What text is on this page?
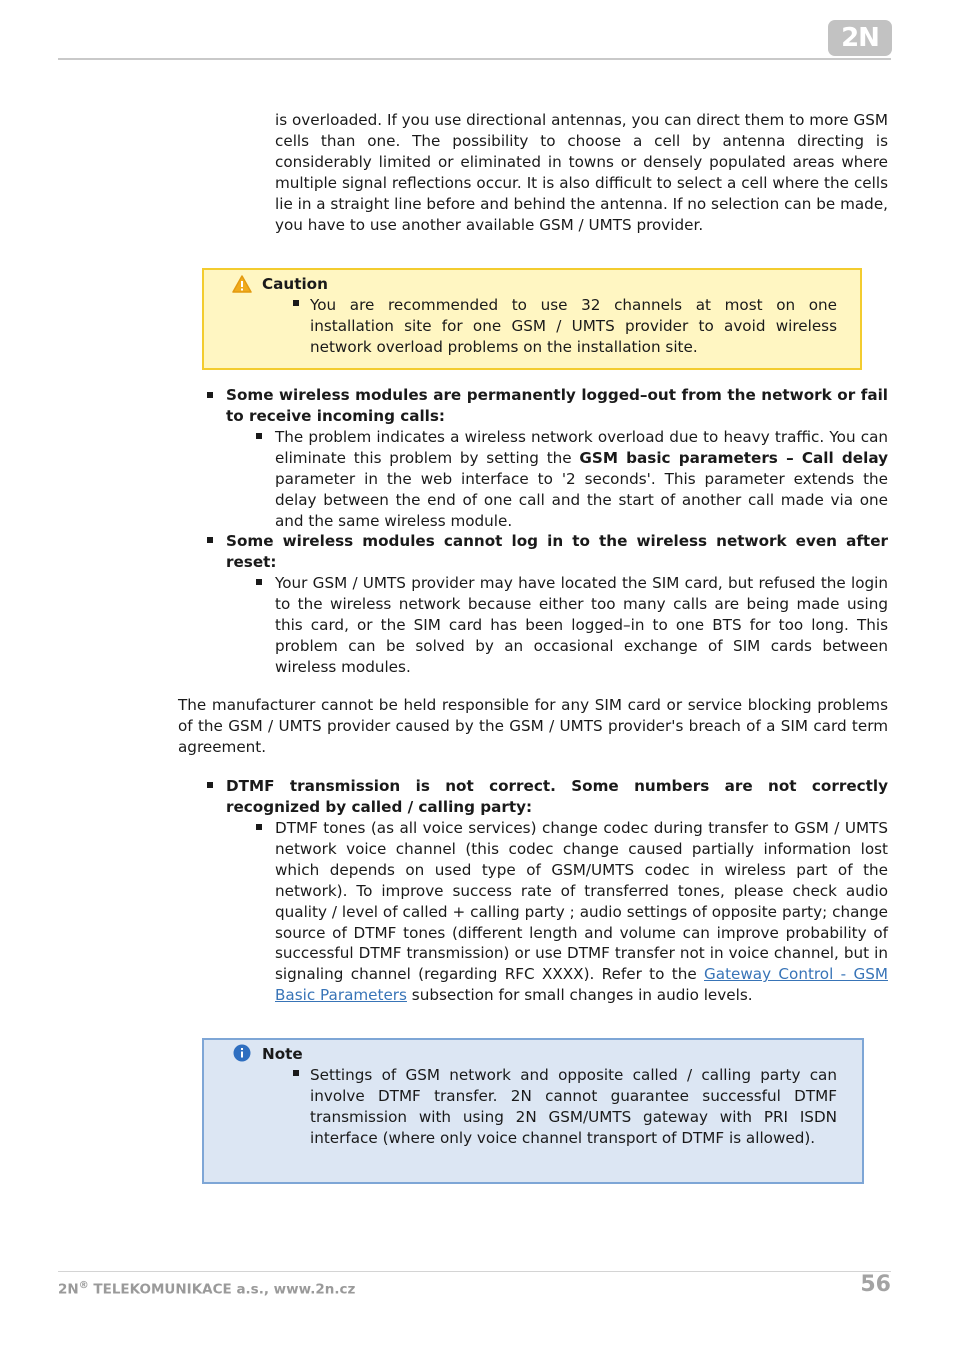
2N

is overloaded. If you use directional antennas, you can direct them to more GSM cells than one. The possibility to choose a cell by antenna directing is considerably limited or eliminated in towns or densely populated areas where multiple signal reflections occur. It is also difficult to select a cell where the cells lie in a straight line before and behind the antenna. If no selection can be made, you have to use another available GSM / UMTS provider.

Caution

You are recommended to use 32 channels at most on one installation site for one GSM / UMTS provider to avoid wireless network overload problems on the installation site.

Some wireless modules are permanently logged–out from the network or fail to receive incoming calls:

The problem indicates a wireless network overload due to heavy traffic. You can eliminate this problem by setting the GSM basic parameters – Call delay parameter in the web interface to '2 seconds'. This parameter extends the delay between the end of one call and the start of another call made via one and the same wireless module.

Some wireless modules cannot log in to the wireless network even after reset:

Your GSM / UMTS provider may have located the SIM card, but refused the login to the wireless network because either too many calls are being made using this card, or the SIM card has been logged–in to one BTS for too long. This problem can be solved by an occasional exchange of SIM cards between wireless modules.

The manufacturer cannot be held responsible for any SIM card or service blocking problems of the GSM / UMTS provider caused by the GSM / UMTS provider's breach of a SIM card term agreement.

DTMF transmission is not correct. Some numbers are not correctly recognized by called / calling party:

DTMF tones (as all voice services) change codec during transfer to GSM / UMTS network voice channel (this codec change caused partially information lost which depends on used type of GSM/UMTS codec in wireless part of the network). To improve success rate of transferred tones, please check audio quality / level of called + calling party ; audio settings of opposite party; change source of DTMF tones (different length and volume can improve probability of successful DTMF transmission) or use DTMF transfer not in voice channel, but in signaling channel (regarding RFC XXXX). Refer to the Gateway Control - GSM Basic Parameters subsection for small changes in audio levels.

Note

Settings of GSM network and opposite called / calling party can involve DTMF transfer. 2N cannot guarantee successful DTMF transmission with using 2N GSM/UMTS gateway with PRI ISDN interface (where only voice channel transport of DTMF is allowed).

2N® TELEKOMUNIKACE a.s., www.2n.cz	56
